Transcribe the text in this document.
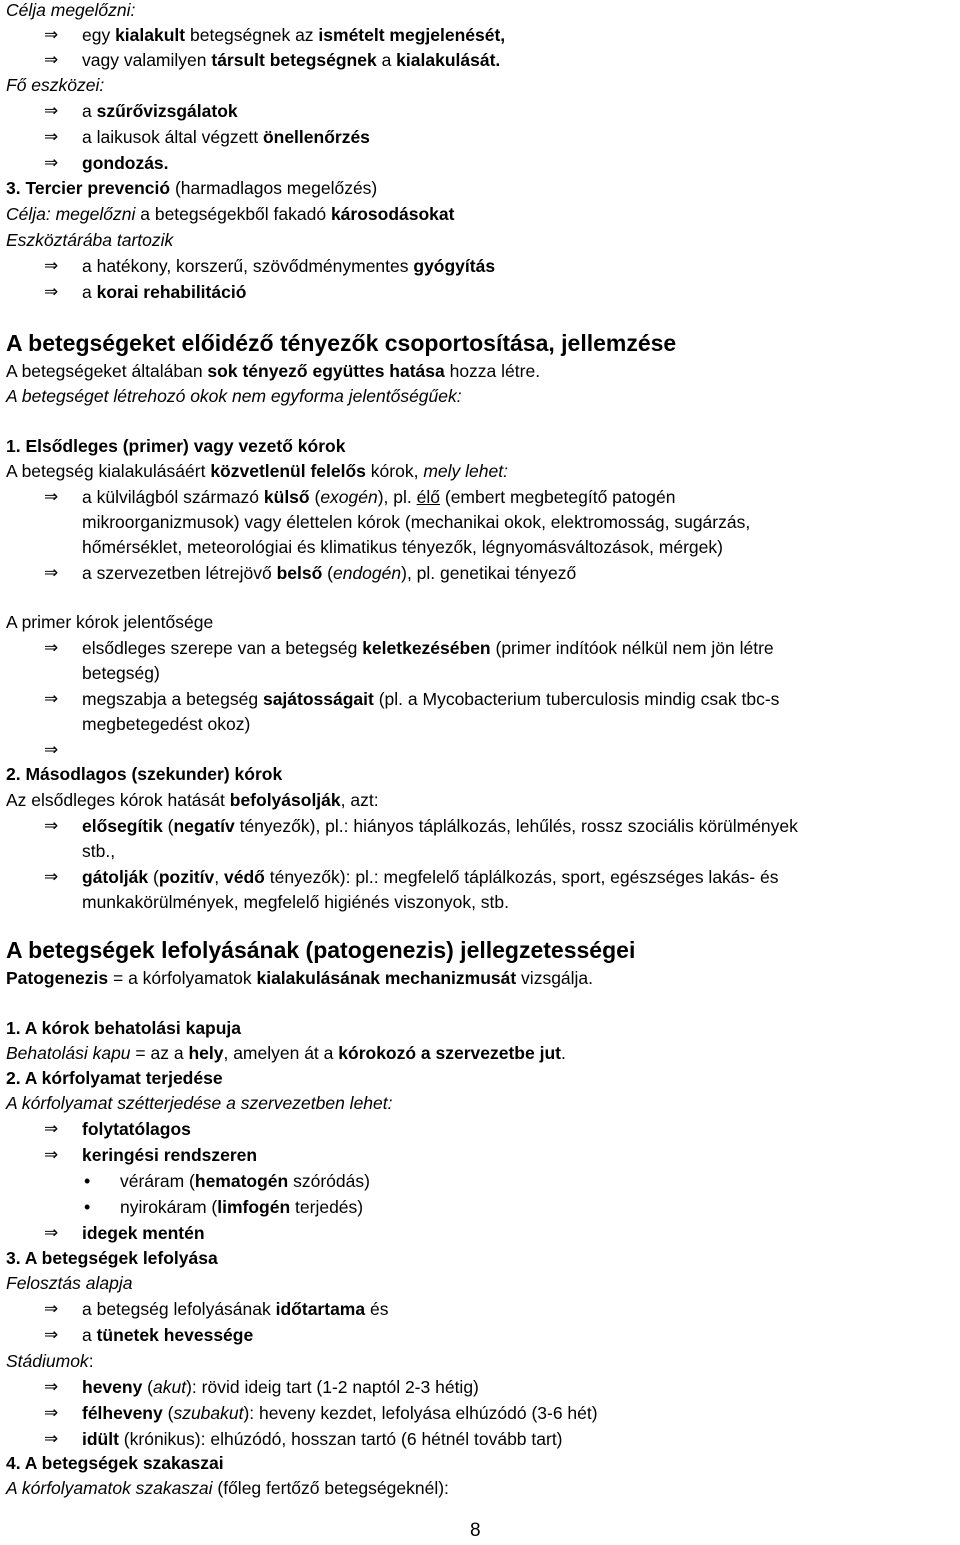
Célja megelőzni:
⇒	egy kialakult betegségnek az ismételt megjelenését,
⇒	vagy valamilyen társult betegségnek a kialakulását.
Fő eszközei:
⇒	a szűrővizsgálatok
⇒	a laikusok által végzett önellenőrzés
⇒	gondozás.
3. Tercier prevenció (harmadlagos megelőzés)
Célja: megelőzni a betegségekből fakadó károsodásokat
Eszköztárába tartozik
⇒	a hatékony, korszerű, szövődménymentes gyógyítás
⇒	a korai rehabilitáció
A betegségeket előidéző tényezők csoportosítása, jellemzése
A betegségeket általában sok tényező együttes hatása hozza létre.
A betegséget létrehozó okok nem egyforma jelentőségűek:
1. Elsődleges (primer) vagy vezető kórok
A betegség kialakulásáért közvetlenül felelős kórok, mely lehet:
⇒	a külvilágból származó külső (exogén), pl. élő (embert megbetegítő patogén
mikroorganizmusok) vagy élettelen kórok (mechanikai okok, elektromosság, sugárzás,
hőmérséklet, meteorológiai és klimatikus tényezők, légnyomásváltozások, mérgek)
⇒	a szervezetben létrejövő belső (endogén), pl. genetikai tényező
A primer kórok jelentősége
⇒	elsődleges szerepe van a betegség keletkezésében (primer indítóok nélkül nem jön létre
betegség)
⇒	megszabja a betegség sajátosságait (pl. a Mycobacterium tuberculosis mindig csak tbc-s
megbetegedést okoz)
⇒
2. Másodlagos (szekunder) kórok
Az elsődleges kórok hatását befolyásolják, azt:
⇒	elősegítik (negatív tényezők), pl.: hiányos táplálkozás, lehűlés, rossz szociális körülmények
stb.,
⇒	gátolják (pozitív, védő tényezők): pl.: megfelelő táplálkozás, sport, egészséges lakás- és
munkakörülmények, megfelelő higiénés viszonyok, stb.
A betegségek lefolyásának (patogenezis) jellegzetességei
Patogenezis = a kórfolyamatok kialakulásának mechanizmusát vizsgálja.
1. A kórok behatolási kapuja
Behatolási kapu = az a hely, amelyen át a kórokozó a szervezetbe jut.
2. A kórfolyamat terjedése
A kórfolyamat szétterjedése a szervezetben lehet:
⇒	folytatólagos
⇒	keringési rendszeren
• véráram (hematogén szóródás)
• nyirokáram (limfogén terjedés)
⇒	idegek mentén
3. A betegségek lefolyása
Felosztás alapja
⇒	a betegség lefolyásának időtartama és
⇒	a tünetek hevessége
Stádiumok:
⇒	heveny (akut): rövid ideig tart (1-2 naptól 2-3 hétig)
⇒	félheveny (szubakut): heveny kezdet, lefolyása elhúzódó (3-6 hét)
⇒	idült (krónikus): elhúzódó, hosszan tartó (6 hétnél tovább tart)
4. A betegségek szakaszai
A kórfolyamatok szakaszai (főleg fertőző betegségeknél):
8
